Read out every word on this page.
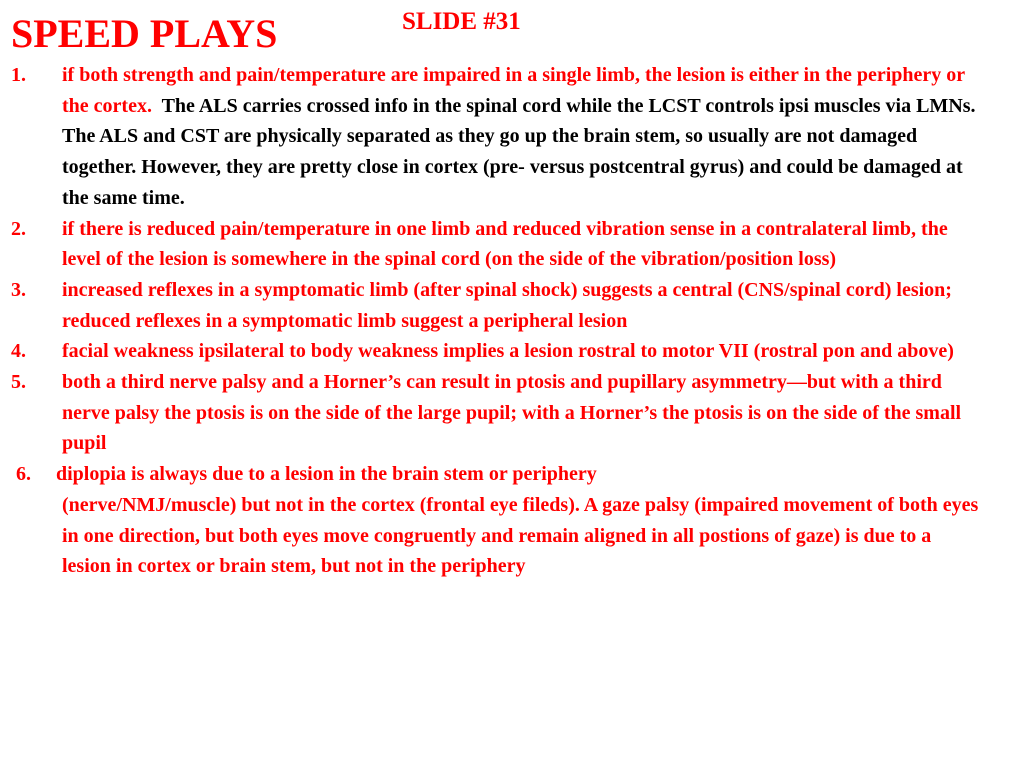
SPEED PLAYS	SLIDE #31
1.	if both strength and pain/temperature are impaired in a single limb, the lesion is either in the periphery or the cortex. The ALS carries crossed info in the spinal cord while the LCST controls ipsi muscles via LMNs. The ALS and CST are physically separated as they go up the brain stem, so usually are not damaged together. However, they are pretty close in cortex (pre- versus postcentral gyrus) and could be damaged at the same time.
2.	if there is reduced pain/temperature in one limb and reduced vibration sense in a contralateral limb, the level of the lesion is somewhere in the spinal cord (on the side of the vibration/position loss)
3.	increased reflexes in a symptomatic limb (after spinal shock) suggests a central (CNS/spinal cord) lesion; reduced reflexes in a symptomatic limb suggest a peripheral lesion
4.	facial weakness ipsilateral to body weakness implies a lesion rostral to motor VII (rostral pon and above)
5.	both a third nerve palsy and a Horner’s can result in ptosis and pupillary asymmetry—but with a third nerve palsy the ptosis is on the side of the large pupil; with a Horner’s the ptosis is on the side of the small pupil
6.	diplopia is always due to a lesion in the brain stem or periphery
(nerve/NMJ/muscle) but not in the cortex (frontal eye fileds). A gaze palsy (impaired movement of both eyes in one direction, but both eyes move congruently and remain aligned in all postions of gaze) is due to a lesion in cortex or brain stem, but not in the periphery
